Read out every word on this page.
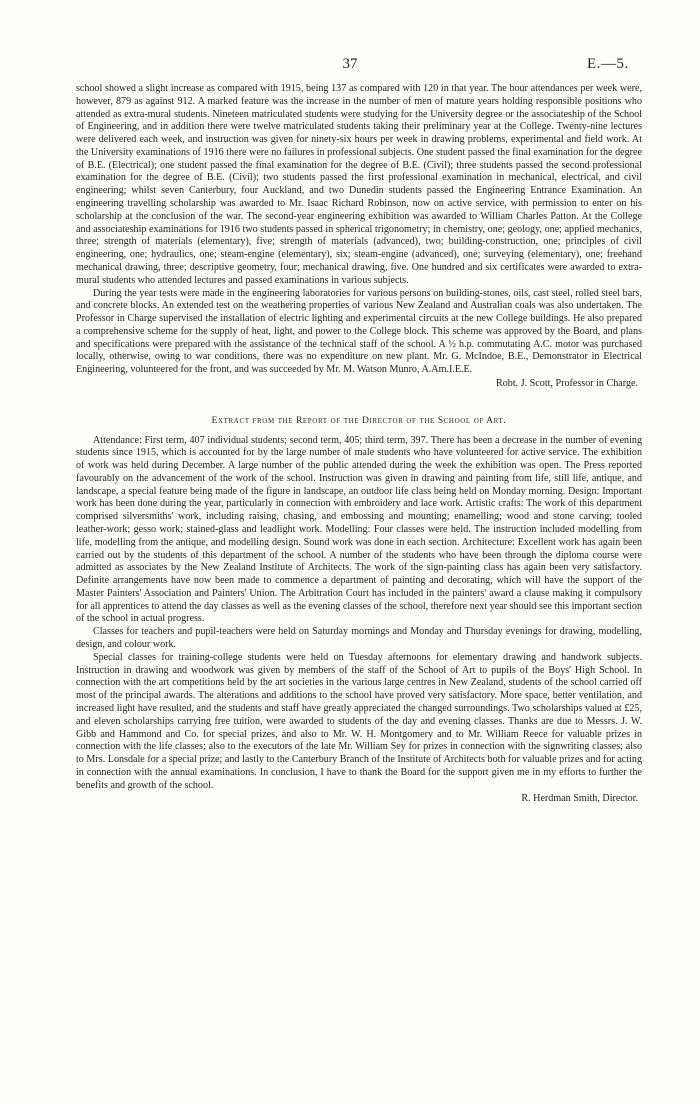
37	E.—5.

school showed a slight increase as compared with 1915, being 137 as compared with 120 in that year. The hour attendances per week were, however, 879 as against 912. A marked feature was the increase in the number of men of mature years holding responsible positions who attended as extra-mural students. Nineteen matriculated students were studying for the University degree or the associateship of the School of Engineering, and in addition there were twelve matriculated students taking their preliminary year at the College. Twenty-nine lectures were delivered each week, and instruction was given for ninety-six hours per week in drawing problems, experimental and field work. At the University examinations of 1916 there were no failures in professional subjects. One student passed the final examination for the degree of B.E. (Electrical); one student passed the final examination for the degree of B.E. (Civil); three students passed the second professional examination for the degree of B.E. (Civil); two students passed the first professional examination in mechanical, electrical, and civil engineering; whilst seven Canterbury, four Auckland, and two Dunedin students passed the Engineering Entrance Examination. An engineering travelling scholarship was awarded to Mr. Isaac Richard Robinson, now on active service, with permission to enter on his scholarship at the conclusion of the war. The second-year engineering exhibition was awarded to William Charles Patton. At the College and associateship examinations for 1916 two students passed in spherical trigonometry; in chemistry, one; geology, one; applied mechanics, three; strength of materials (elementary), five; strength of materials (advanced), two; building-construction, one; principles of civil engineering, one; hydraulics, one; steam-engine (elementary), six; steam-engine (advanced), one; surveying (elementary), one; freehand mechanical drawing, three; descriptive geometry, four; mechanical drawing, five. One hundred and six certificates were awarded to extra-mural students who attended lectures and passed examinations in various subjects.

During the year tests were made in the engineering laboratories for various persons on building-stones, oils, cast steel, rolled steel bars, and concrete blocks. An extended test on the weathering properties of various New Zealand and Australian coals was also undertaken. The Professor in Charge supervised the installation of electric lighting and experimental circuits at the new College buildings. He also prepared a comprehensive scheme for the supply of heat, light, and power to the College block. This scheme was approved by the Board, and plans and specifications were prepared with the assistance of the technical staff of the school. A ½ h.p. commutating A.C. motor was purchased locally, otherwise, owing to war conditions, there was no expenditure on new plant. Mr. G. McIndoe, B.E., Demonstrator in Electrical Engineering, volunteered for the front, and was succeeded by Mr. M. Watson Munro, A.Am.I.E.E.

Robt. J. Scott, Professor in Charge.

Extract from the Report of the Director of the School of Art.

Attendance: First term, 407 individual students; second term, 405; third term, 397. There has been a decrease in the number of evening students since 1915, which is accounted for by the large number of male students who have volunteered for active service. The exhibition of work was held during December. A large number of the public attended during the week the exhibition was open. The Press reported favourably on the advancement of the work of the school. Instruction was given in drawing and painting from life, still life, antique, and landscape, a special feature being made of the figure in landscape, an outdoor life class being held on Monday morning. Design: Important work has been done during the year, particularly in connection with embroidery and lace work. Artistic crafts: The work of this department comprised silversmiths' work, including raising, chasing, and embossing and mounting; enamelling; wood and stone carving; tooled leather-work; gesso work; stained-glass and leadlight work. Modelling: Four classes were held. The instruction included modelling from life, modelling from the antique, and modelling design. Sound work was done in each section. Architecture: Excellent work has again been carried out by the students of this department of the school. A number of the students who have been through the diploma course were admitted as associates by the New Zealand Institute of Architects. The work of the sign-painting class has again been very satisfactory. Definite arrangements have now been made to commence a department of painting and decorating, which will have the support of the Master Painters' Association and Painters' Union. The Arbitration Court has included in the painters' award a clause making it compulsory for all apprentices to attend the day classes as well as the evening classes of the school, therefore next year should see this important section of the school in actual progress.

Classes for teachers and pupil-teachers were held on Saturday mornings and Monday and Thursday evenings for drawing, modelling, design, and colour work.

Special classes for training-college students were held on Tuesday afternoons for elementary drawing and handwork subjects. Instruction in drawing and woodwork was given by members of the staff of the School of Art to pupils of the Boys' High School. In connection with the art competitions held by the art societies in the various large centres in New Zealand, students of the school carried off most of the principal awards. The alterations and additions to the school have proved very satisfactory. More space, better ventilation, and increased light have resulted, and the students and staff have greatly appreciated the changed surroundings. Two scholarships valued at £25, and eleven scholarships carrying free tuition, were awarded to students of the day and evening classes. Thanks are due to Messrs. J. W. Gibb and Hammond and Co. for special prizes, and also to Mr. W. H. Montgomery and to Mr. William Reece for valuable prizes in connection with the life classes; also to the executors of the late Mr. William Sey for prizes in connection with the signwriting classes; also to Mrs. Lonsdale for a special prize; and lastly to the Canterbury Branch of the Institute of Architects both for valuable prizes and for acting in connection with the annual examinations. In conclusion, I have to thank the Board for the support given me in my efforts to further the benefits and growth of the school.

R. Herdman Smith, Director.
